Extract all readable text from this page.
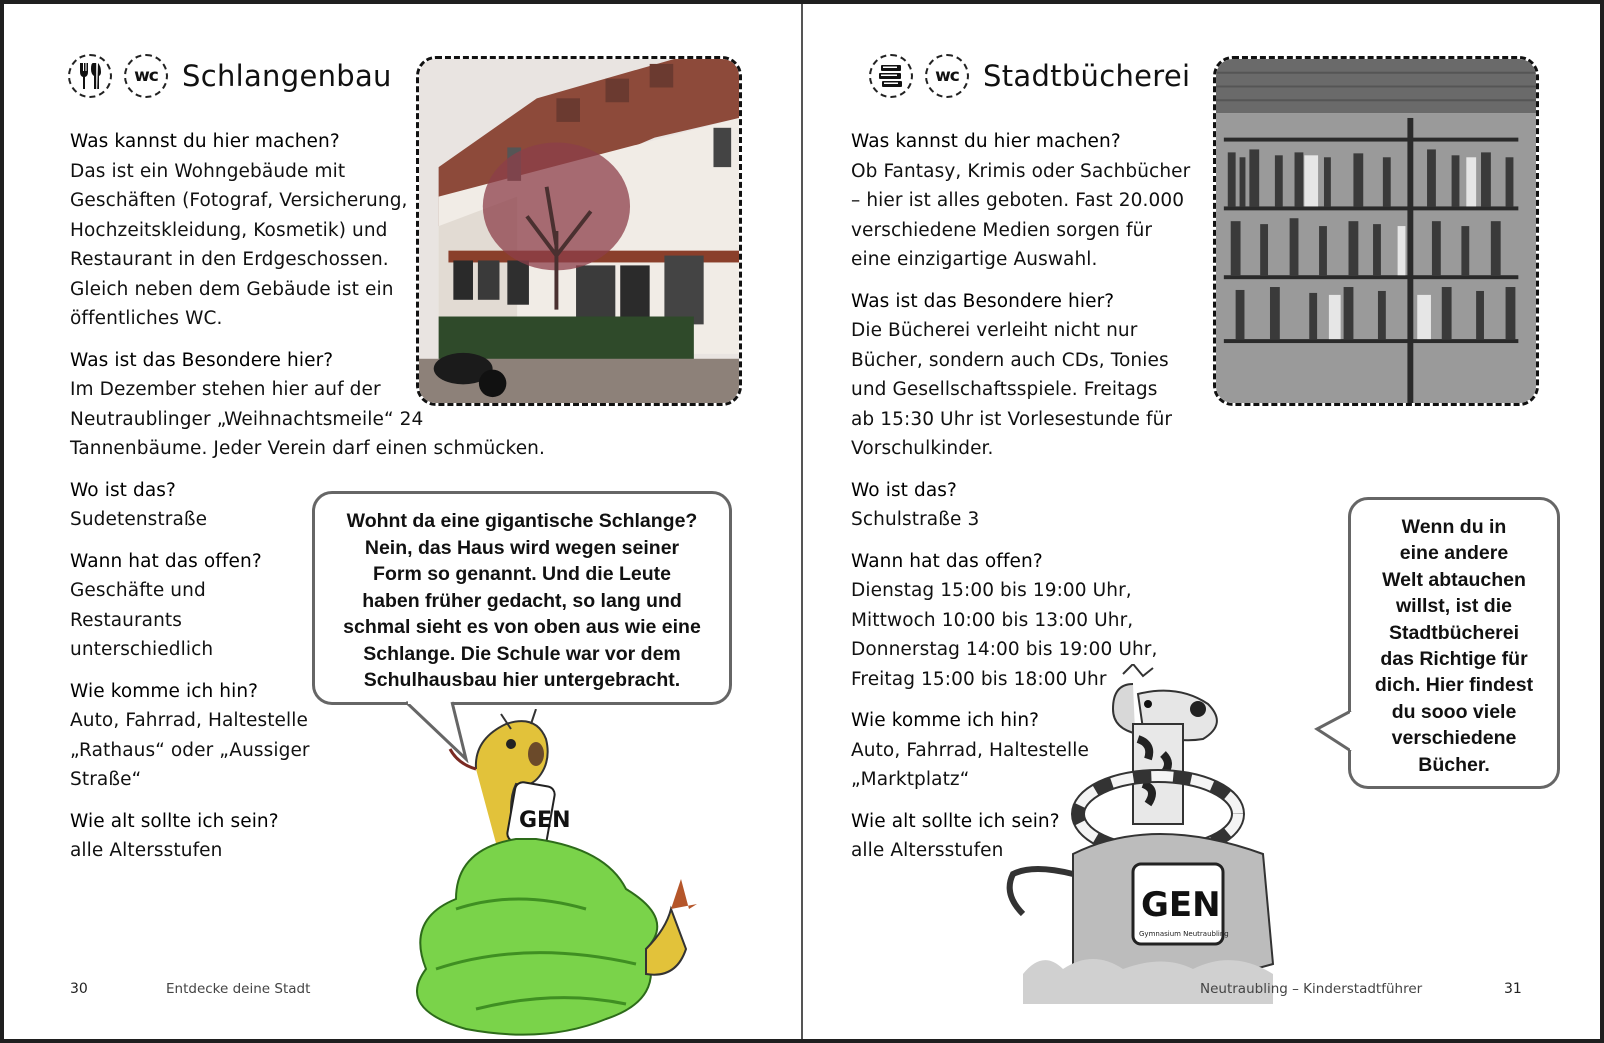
wc Schlangenbau
Was kannst du hier machen?
Das ist ein Wohngebäude mit
Geschäften (Fotograf, Versicherung,
Hochzeitskleidung, Kosmetik) und
Restaurant in den Erdgeschossen.
Gleich neben dem Gebäude ist ein
öffentliches WC.
Was ist das Besondere hier?
Im Dezember stehen hier auf der
Neutraublinger „Weihnachtsmeile“ 24
Tannenbäume. Jeder Verein darf einen schmücken.
Wo ist das?
Sudetenstraße
Wann hat das offen?
Geschäfte und
Restaurants
unterschiedlich
Wie komme ich hin?
Auto, Fahrrad, Haltestelle
„Rathaus“ oder „Aussiger
Straße“
Wie alt sollte ich sein?
alle Altersstufen

Wohnt da eine gigantische Schlange?

Nein, das Haus wird wegen seiner

Form so genannt. Und die Leute

haben früher gedacht, so lang und

schmal sieht es von oben aus wie eine

Schlange. Die Schule war vor dem

Schulhausbau hier untergebracht.

GEN
30	Entdecke deine Stadt
wc Stadtbücherei
Was kannst du hier machen?
Ob Fantasy, Krimis oder Sachbücher
– hier ist alles geboten. Fast 20.000
verschiedene Medien sorgen für
eine einzigartige Auswahl.
Was ist das Besondere hier?
Die Bücherei verleiht nicht nur
Bücher, sondern auch CDs, Tonies
und Gesellschaftsspiele. Freitags
ab 15:30 Uhr ist Vorlesestunde für
Vorschulkinder.
Wo ist das?
Schulstraße 3
Wann hat das offen?
Dienstag 15:00 bis 19:00 Uhr,
Mittwoch 10:00 bis 13:00 Uhr,
Donnerstag 14:00 bis 19:00 Uhr,
Freitag 15:00 bis 18:00 Uhr
Wie komme ich hin?
Auto, Fahrrad, Haltestelle
„Marktplatz“
Wie alt sollte ich sein?
alle Altersstufen

Wenn du in

eine andere

Welt abtauchen

willst, ist die

Stadtbücherei

das Richtige für

dich. Hier findest

du sooo viele

verschiedene

Bücher.

GEN
Gymnasium Neutraubling
Neutraubling – Kinderstadtführer	31
